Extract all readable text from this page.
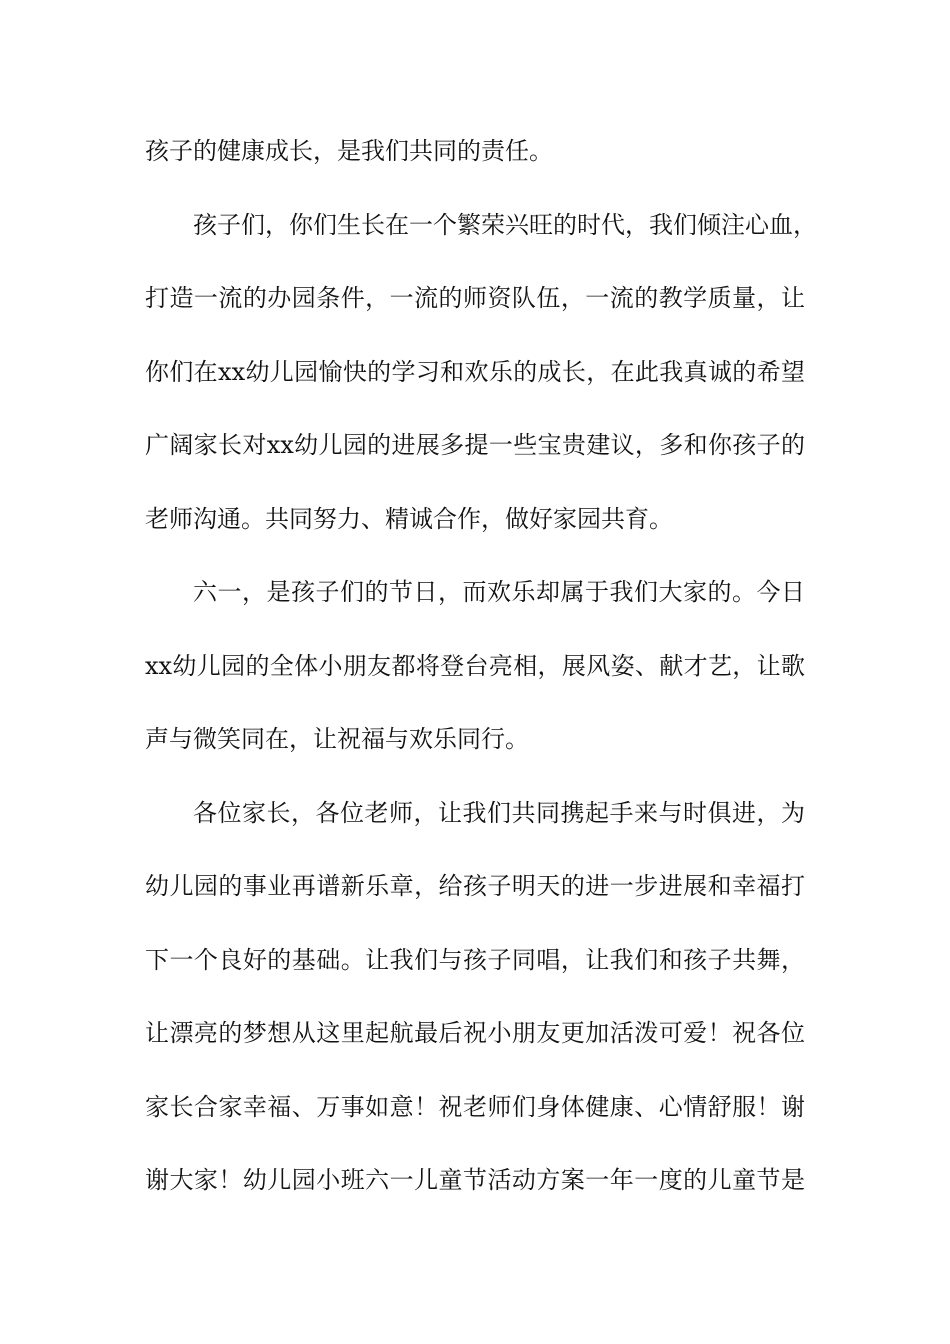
孩子的健康成长，是我们共同的责任。
孩子们，你们生长在一个繁荣兴旺的时代，我们倾注心血，
打造一流的办园条件，一流的师资队伍，一流的教学质量，让
你们在xx幼儿园愉快的学习和欢乐的成长，在此我真诚的希望
广阔家长对xx幼儿园的进展多提一些宝贵建议，多和你孩子的
老师沟通。共同努力、精诚合作，做好家园共育。
六一，是孩子们的节日，而欢乐却属于我们大家的。今日
xx幼儿园的全体小朋友都将登台亮相，展风姿、献才艺，让歌
声与微笑同在，让祝福与欢乐同行。
各位家长，各位老师，让我们共同携起手来与时俱进，为
幼儿园的事业再谱新乐章，给孩子明天的进一步进展和幸福打
下一个良好的基础。让我们与孩子同唱，让我们和孩子共舞，
让漂亮的梦想从这里起航最后祝小朋友更加活泼可爱！祝各位
家长合家幸福、万事如意！祝老师们身体健康、心情舒服！谢
谢大家！幼儿园小班六一儿童节活动方案一年一度的儿童节是
